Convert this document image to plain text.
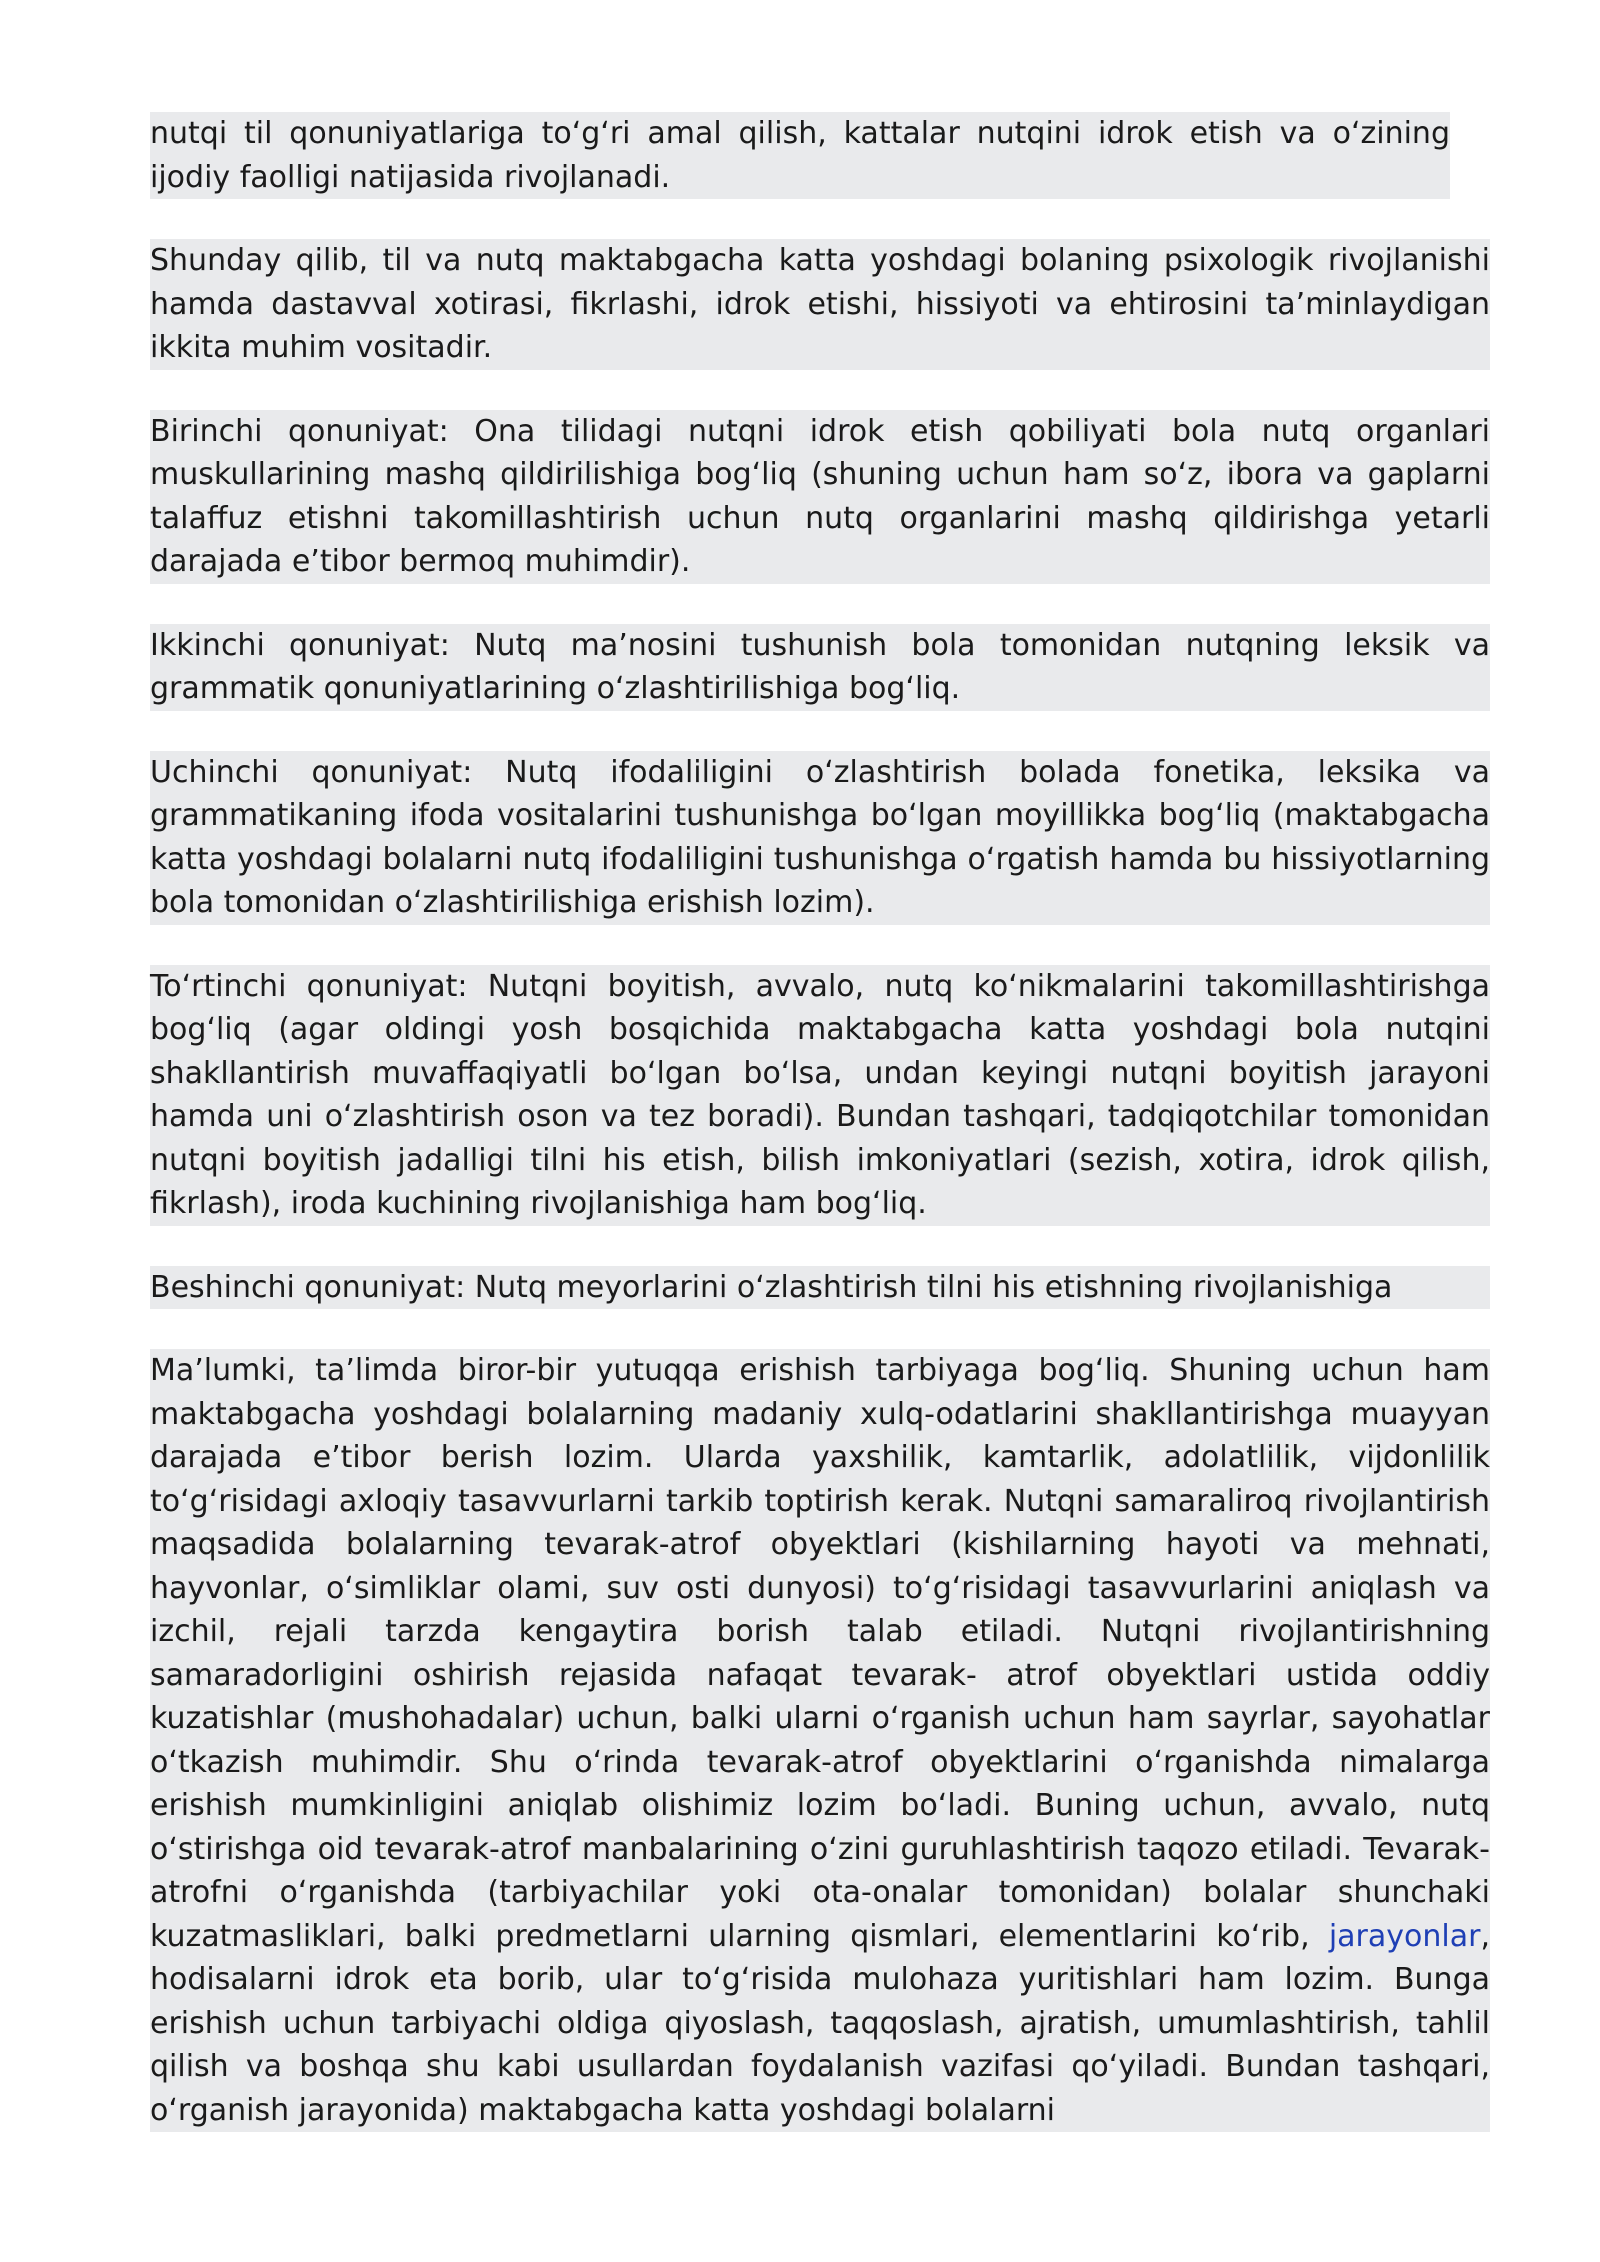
nutqi til qonuniyatlariga to‘g‘ri amal qilish, kattalar nutqini idrok etish va o‘zining ijodiy faolligi natijasida rivojlanadi.

Shunday qilib, til va nutq maktabgacha katta yoshdagi bolaning psixologik rivojlanishi hamda dastavval xotirasi, fikrlashi, idrok etishi, hissiyoti va ehtirosini ta’minlaydigan ikkita muhim vositadir.

Birinchi qonuniyat: Ona tilidagi nutqni idrok etish qobiliyati bola nutq organlari muskullarining mashq qildirilishiga bog‘liq (shuning uchun ham so‘z, ibora va gaplarni talaffuz etishni takomillashtirish uchun nutq organlarini mashq qildirishga yetarli darajada e’tibor bermoq muhimdir).

Ikkinchi qonuniyat: Nutq ma’nosini tushunish bola tomonidan nutqning leksik va grammatik qonuniyatlarining o‘zlashtirilishiga bog‘liq.

Uchinchi qonuniyat: Nutq ifodaliligini o‘zlashtirish bolada fonetika, leksika va grammatikaning ifoda vositalarini tushunishga bo‘lgan moyillikka bog‘liq (maktabgacha katta yoshdagi bolalarni nutq ifodaliligini tushunishga o‘rgatish hamda bu hissiyotlarning bola tomonidan o‘zlashtirilishiga erishish lozim).

To‘rtinchi qonuniyat: Nutqni boyitish, avvalo, nutq ko‘nikmalarini takomillashtirishga bog‘liq (agar oldingi yosh bosqichida maktabgacha katta yoshdagi bola nutqini shakllantirish muvaffaqiyatli bo‘lgan bo‘lsa, undan keyingi nutqni boyitish jarayoni hamda uni o‘zlashtirish oson va tez boradi). Bundan tashqari, tadqiqotchilar tomonidan nutqni boyitish jadalligi tilni his etish, bilish imkoniyatlari (sezish, xotira, idrok qilish, fikrlash), iroda kuchining rivojlanishiga ham bog‘liq.

Beshinchi qonuniyat: Nutq meyorlarini o‘zlashtirish tilni his etishning rivojlanishiga

Ma’lumki, ta’limda biror-bir yutuqqa erishish tarbiyaga bog‘liq. Shuning uchun ham maktabgacha yoshdagi bolalarning madaniy xulq-odatlarini shakllantirishga muayyan darajada e’tibor berish lozim. Ularda yaxshilik, kamtarlik, adolatlilik, vijdonlilik to‘g‘risidagi axloqiy tasavvurlarni tarkib toptirish kerak. Nutqni samaraliroq rivojlantirish maqsadida bolalarning tevarak-atrof obyektlari (kishilarning hayoti va mehnati, hayvonlar, o‘simliklar olami, suv osti dunyosi) to‘g‘risidagi tasavvurlarini aniqlash va izchil, rejali tarzda kengaytira borish talab etiladi. Nutqni rivojlantirishning samaradorligini oshirish rejasida nafaqat tevarak- atrof obyektlari ustida oddiy kuzatishlar (mushohadalar) uchun, balki ularni o‘rganish uchun ham sayrlar, sayohatlar o‘tkazish muhimdir. Shu o‘rinda tevarak-atrof obyektlarini o‘rganishda nimalarga erishish mumkinligini aniqlab olishimiz lozim bo‘ladi. Buning uchun, avvalo, nutq o‘stirishga oid tevarak-atrof manbalarining o‘zini guruhlashtirish taqozo etiladi. Tevarak-atrofni o‘rganishda (tarbiyachilar yoki ota-onalar tomonidan) bolalar shunchaki kuzatmasliklari, balki predmetlarni ularning qismlari, elementlarini ko‘rib, jarayonlar, hodisalarni idrok eta borib, ular to‘g‘risida mulohaza yuritishlari ham lozim. Bunga erishish uchun tarbiyachi oldiga qiyoslash, taqqoslash, ajratish, umumlashtirish, tahlil qilish va boshqa shu kabi usullardan foydalanish vazifasi qo‘yiladi. Bundan tashqari, o‘rganish jarayonida) maktabgacha katta yoshdagi bolalarni
